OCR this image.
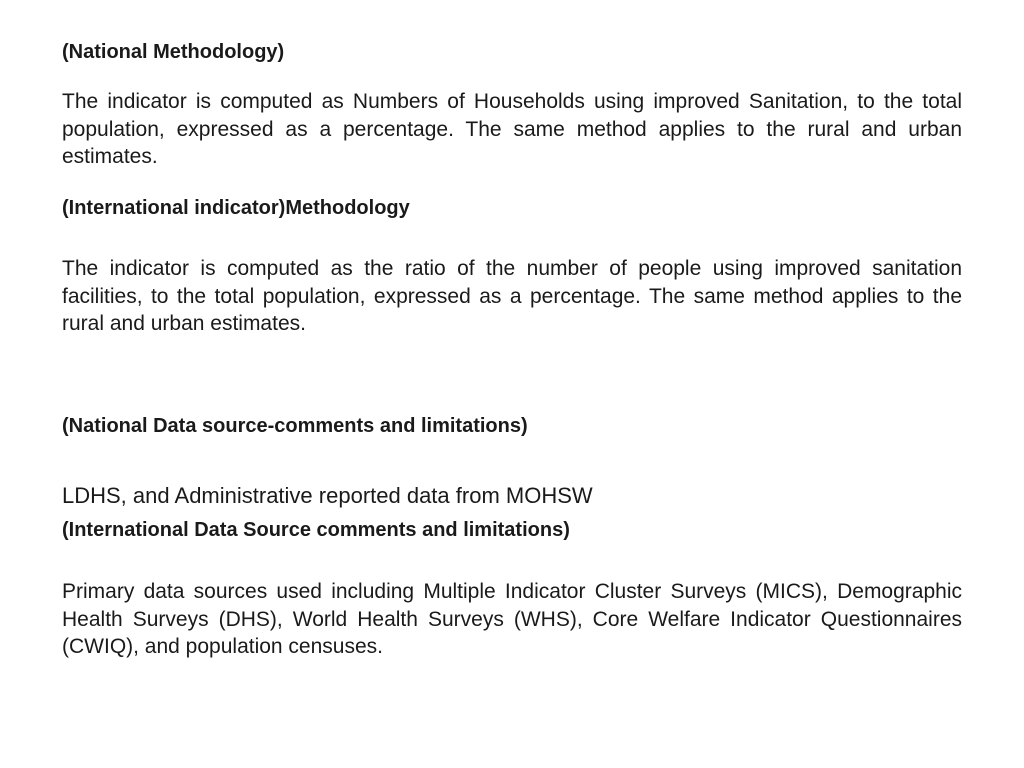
(National Methodology)

The indicator is computed as Numbers of Households using improved Sanitation, to the total population, expressed as a percentage. The same method applies to the rural and urban estimates.

(International indicator)Methodology

The indicator is computed as the ratio of the number of people using improved sanitation facilities, to the total population, expressed as a percentage. The same method applies to the rural and urban estimates.

(National Data source-comments and limitations)

LDHS, and Administrative reported data from MOHSW

(International Data Source comments and limitations)

Primary data sources used including Multiple Indicator Cluster Surveys (MICS), Demographic Health Surveys (DHS), World Health Surveys (WHS), Core Welfare Indicator Questionnaires (CWIQ), and population censuses.
